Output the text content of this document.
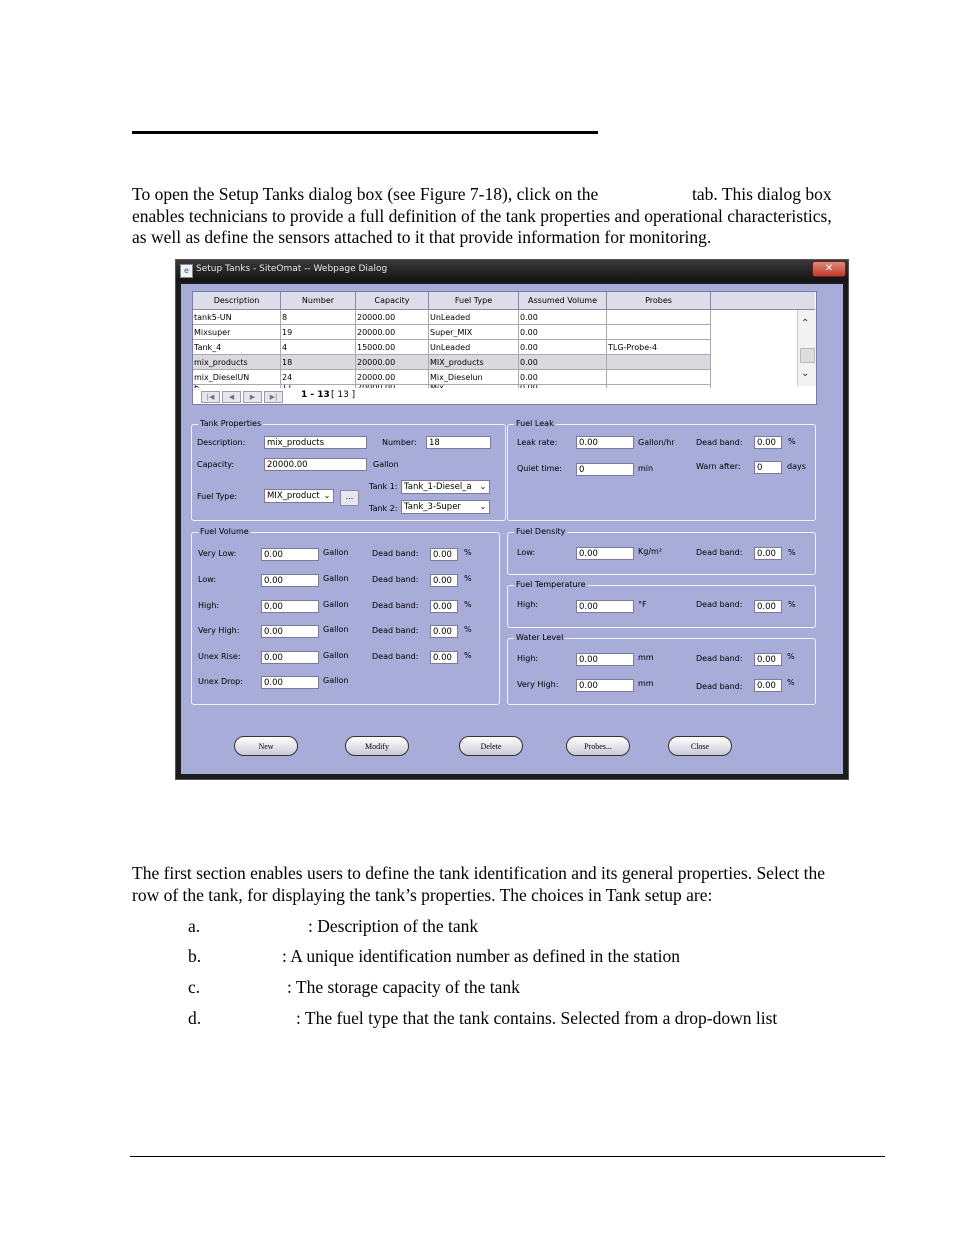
To open the Setup Tanks dialog box (see Figure 7-18), click on the	tab. This dialog box
enables technicians to provide a full definition of the tank properties and operational characteristics,
as well as define the sensors attached to it that provide information for monitoring.
e Setup Tanks - SiteOmat -- Webpage Dialog	✕
Description	Number	Capacity	Fuel Type	Assumed Volume	Probes
tank5-UN	8	20000.00	UnLeaded	0.00	
Mixsuper	19	20000.00	Super_MIX	0.00	
Tank_4	4	15000.00	UnLeaded	0.00	TLG-Probe-4
mix_products	18	20000.00	MIX_products	0.00	
mix_DieselUN	24	20000.00	Mix_Dieselun	0.00	

⌃
⌄
|◀	◀	▶	▶|	1 - 13 [ 13 ]
Tank Properties
Description:	mix_products	Number:	18
Capacity:	20000.00	Gallon
Fuel Type:	MIX_product ⌄	...
Tank 1: Tank_1-Diesel_a ⌄
Tank 2: Tank_3-Super ⌄
Fuel Leak
Leak rate:	0.00	Gallon/hr	Dead band:	0.00	%
Quiet time:	0	min	Warn after:	0	days
Fuel Volume
Very Low:	0.00	Gallon	Dead band:	0.00	%
Low:	0.00	Gallon	Dead band:	0.00	%
High:	0.00	Gallon	Dead band:	0.00	%
Very High:	0.00	Gallon	Dead band:	0.00	%
Unex Rise:	0.00	Gallon	Dead band:	0.00	%
Unex Drop:	0.00	Gallon
Fuel Density
Low:	0.00	Kg/m²	Dead band:	0.00	%
Fuel Temperature
High:	0.00	°F	Dead band:	0.00	%
Water Level
High:	0.00	mm	Dead band:	0.00	%
Very High:	0.00	mm	Dead band:	0.00	%
New	Modify	Delete	Probes...	Close
The first section enables users to define the tank identification and its general properties. Select the
row of the tank, for displaying the tank’s properties. The choices in Tank setup are:
a.	: Description of the tank
b.	: A unique identification number as defined in the station
c.	: The storage capacity of the tank
d.	: The fuel type that the tank contains. Selected from a drop-down list
